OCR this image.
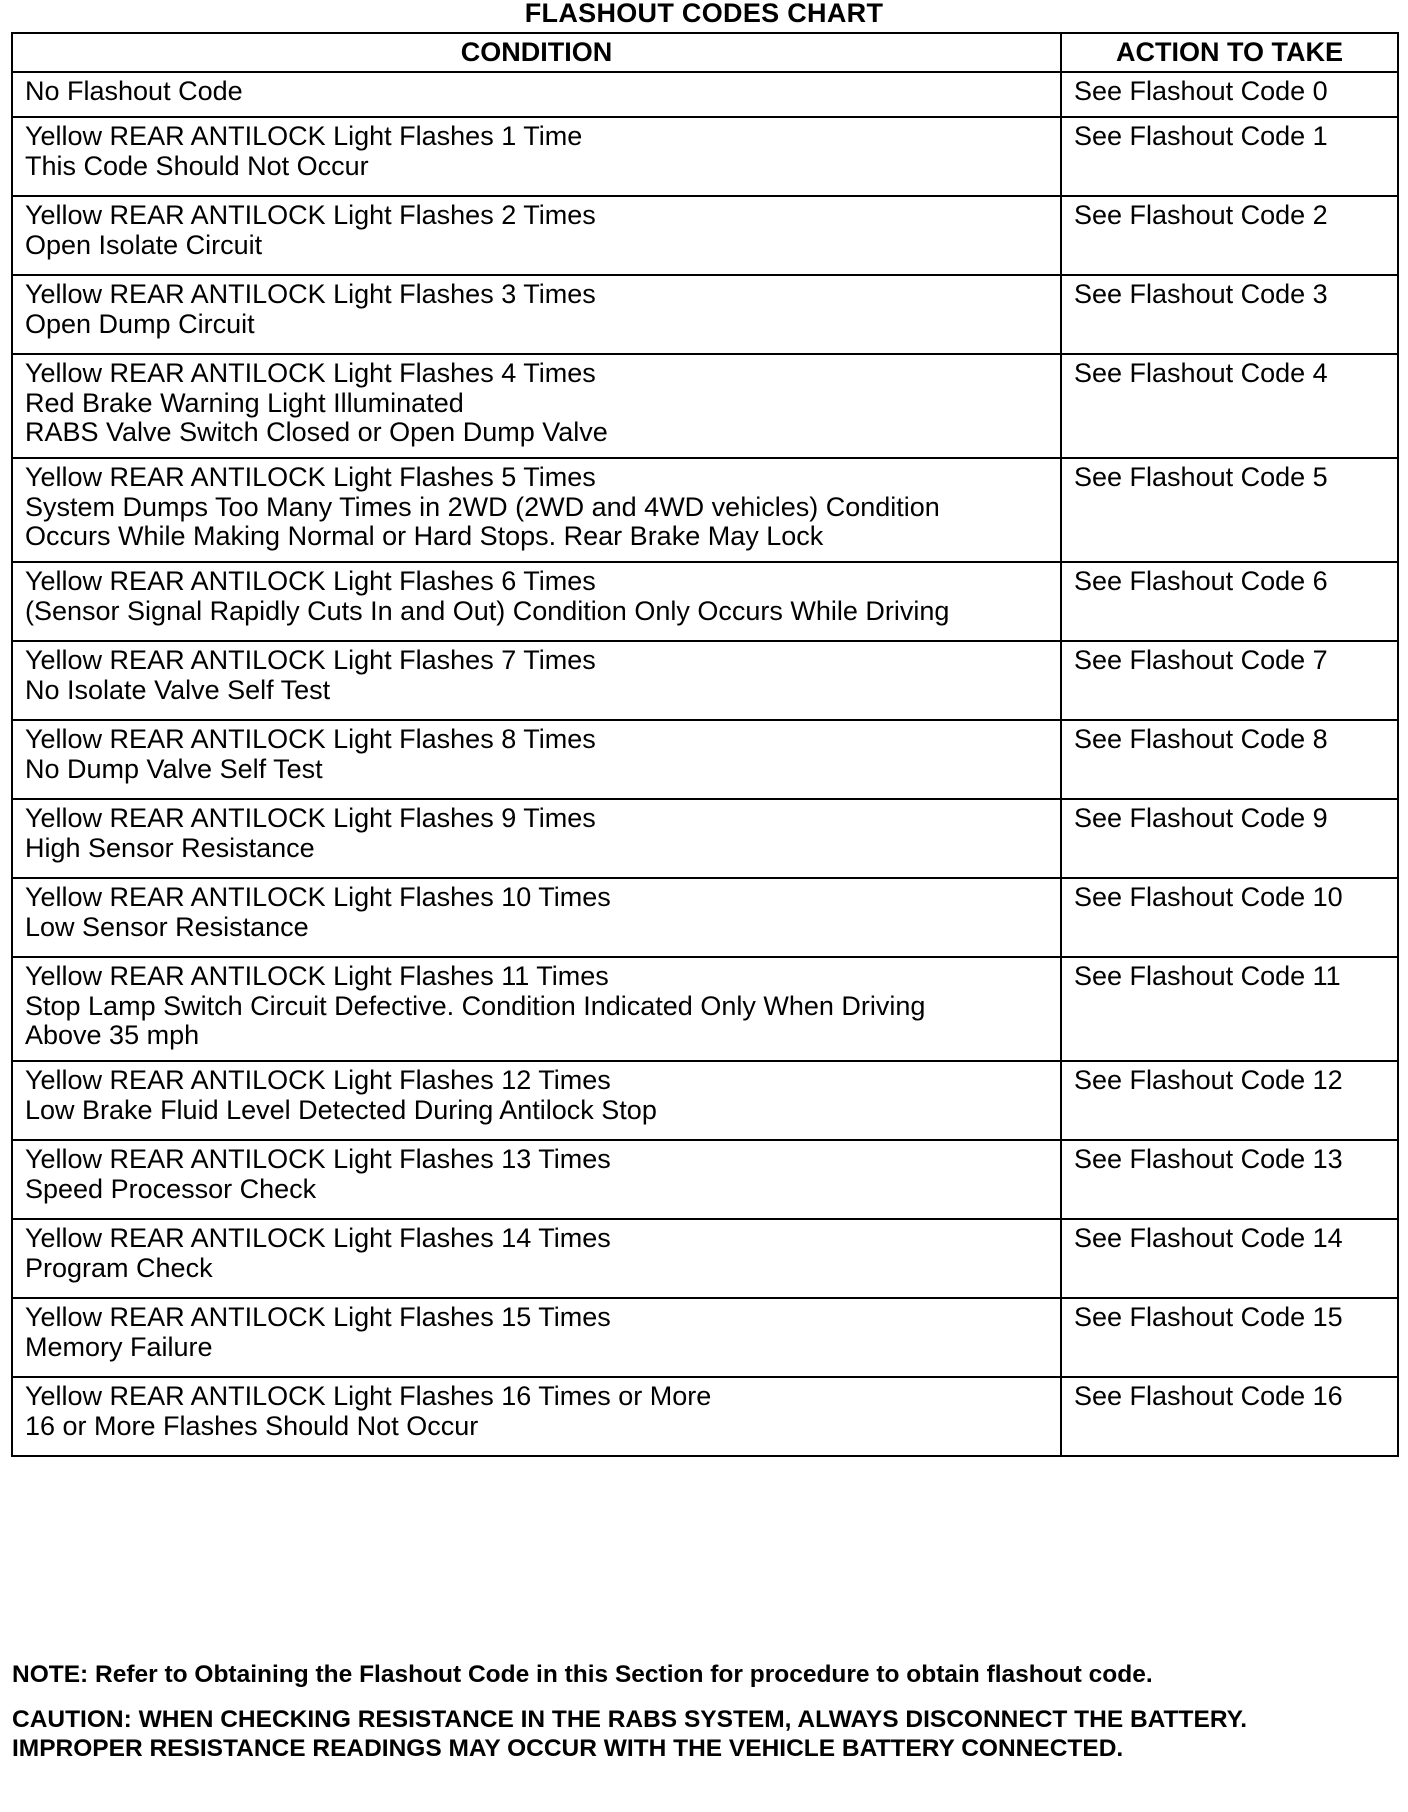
FLASHOUT CODES CHART
CONDITION	ACTION TO TAKE

No Flashout Code	See Flashout Code 0

Yellow REAR ANTILOCK Light Flashes 1 Time
This Code Should Not Occur	See Flashout Code 1

Yellow REAR ANTILOCK Light Flashes 2 Times
Open Isolate Circuit	See Flashout Code 2

Yellow REAR ANTILOCK Light Flashes 3 Times
Open Dump Circuit	See Flashout Code 3

Yellow REAR ANTILOCK Light Flashes 4 Times
Red Brake Warning Light Illuminated
RABS Valve Switch Closed or Open Dump Valve	See Flashout Code 4

Yellow REAR ANTILOCK Light Flashes 5 Times
System Dumps Too Many Times in 2WD (2WD and 4WD vehicles) Condition
Occurs While Making Normal or Hard Stops. Rear Brake May Lock	See Flashout Code 5

Yellow REAR ANTILOCK Light Flashes 6 Times
(Sensor Signal Rapidly Cuts In and Out) Condition Only Occurs While Driving	See Flashout Code 6

Yellow REAR ANTILOCK Light Flashes 7 Times
No Isolate Valve Self Test	See Flashout Code 7

Yellow REAR ANTILOCK Light Flashes 8 Times
No Dump Valve Self Test	See Flashout Code 8

Yellow REAR ANTILOCK Light Flashes 9 Times
High Sensor Resistance	See Flashout Code 9

Yellow REAR ANTILOCK Light Flashes 10 Times
Low Sensor Resistance	See Flashout Code 10

Yellow REAR ANTILOCK Light Flashes 11 Times
Stop Lamp Switch Circuit Defective. Condition Indicated Only When Driving
Above 35 mph	See Flashout Code 11

Yellow REAR ANTILOCK Light Flashes 12 Times
Low Brake Fluid Level Detected During Antilock Stop	See Flashout Code 12

Yellow REAR ANTILOCK Light Flashes 13 Times
Speed Processor Check	See Flashout Code 13

Yellow REAR ANTILOCK Light Flashes 14 Times
Program Check	See Flashout Code 14

Yellow REAR ANTILOCK Light Flashes 15 Times
Memory Failure	See Flashout Code 15

Yellow REAR ANTILOCK Light Flashes 16 Times or More
16 or More Flashes Should Not Occur	See Flashout Code 16
NOTE: Refer to Obtaining the Flashout Code in this Section for procedure to obtain flashout code.
CAUTION: WHEN CHECKING RESISTANCE IN THE RABS SYSTEM, ALWAYS DISCONNECT THE BATTERY.
IMPROPER RESISTANCE READINGS MAY OCCUR WITH THE VEHICLE BATTERY CONNECTED.
